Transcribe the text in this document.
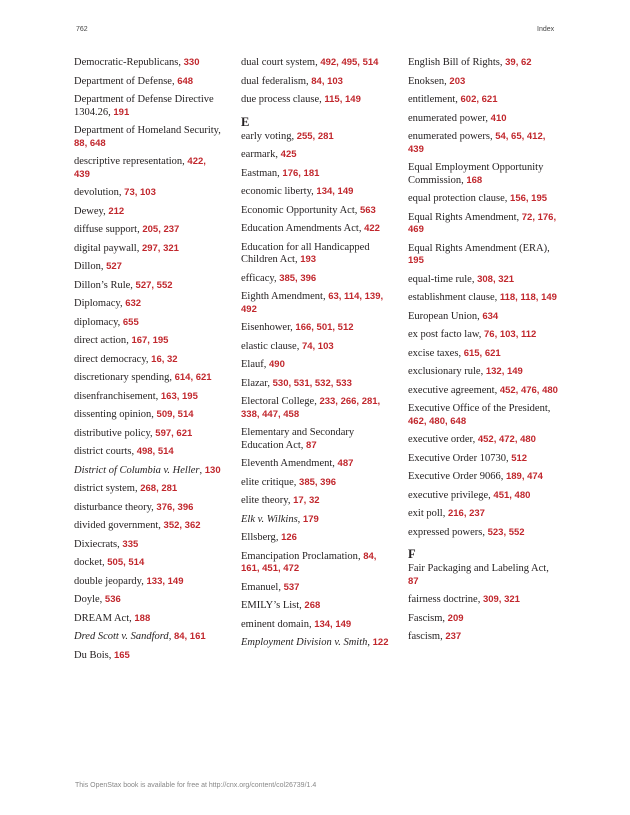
762	Index
Democratic-Republicans, 330
Department of Defense, 648
Department of Defense Directive 1304.26, 191
Department of Homeland Security, 88, 648
descriptive representation, 422, 439
devolution, 73, 103
Dewey, 212
diffuse support, 205, 237
digital paywall, 297, 321
Dillon, 527
Dillon’s Rule, 527, 552
Diplomacy, 632
diplomacy, 655
direct action, 167, 195
direct democracy, 16, 32
discretionary spending, 614, 621
disenfranchisement, 163, 195
dissenting opinion, 509, 514
distributive policy, 597, 621
district courts, 498, 514
District of Columbia v. Heller, 130
district system, 268, 281
disturbance theory, 376, 396
divided government, 352, 362
Dixiecrats, 335
docket, 505, 514
double jeopardy, 133, 149
Doyle, 536
DREAM Act, 188
Dred Scott v. Sandford, 84, 161
Du Bois, 165
dual court system, 492, 495, 514
dual federalism, 84, 103
due process clause, 115, 149
E
early voting, 255, 281
earmark, 425
Eastman, 176, 181
economic liberty, 134, 149
Economic Opportunity Act, 563
Education Amendments Act, 422
Education for all Handicapped Children Act, 193
efficacy, 385, 396
Eighth Amendment, 63, 114, 139, 492
Eisenhower, 166, 501, 512
elastic clause, 74, 103
Elauf, 490
Elazar, 530, 531, 532, 533
Electoral College, 233, 266, 281, 338, 447, 458
Elementary and Secondary Education Act, 87
Eleventh Amendment, 487
elite critique, 385, 396
elite theory, 17, 32
Elk v. Wilkins, 179
Ellsberg, 126
Emancipation Proclamation, 84, 161, 451, 472
Emanuel, 537
EMILY’s List, 268
eminent domain, 134, 149
Employment Division v. Smith, 122
English Bill of Rights, 39, 62
Enoksen, 203
entitlement, 602, 621
enumerated power, 410
enumerated powers, 54, 65, 412, 439
Equal Employment Opportunity Commission, 168
equal protection clause, 156, 195
Equal Rights Amendment, 72, 176, 469
Equal Rights Amendment (ERA), 195
equal-time rule, 308, 321
establishment clause, 118, 118, 149
European Union, 634
ex post facto law, 76, 103, 112
excise taxes, 615, 621
exclusionary rule, 132, 149
executive agreement, 452, 476, 480
Executive Office of the President, 462, 480, 648
executive order, 452, 472, 480
Executive Order 10730, 512
Executive Order 9066, 189, 474
executive privilege, 451, 480
exit poll, 216, 237
expressed powers, 523, 552
F
Fair Packaging and Labeling Act, 87
fairness doctrine, 309, 321
Fascism, 209
fascism, 237
This OpenStax book is available for free at http://cnx.org/content/col26739/1.4
